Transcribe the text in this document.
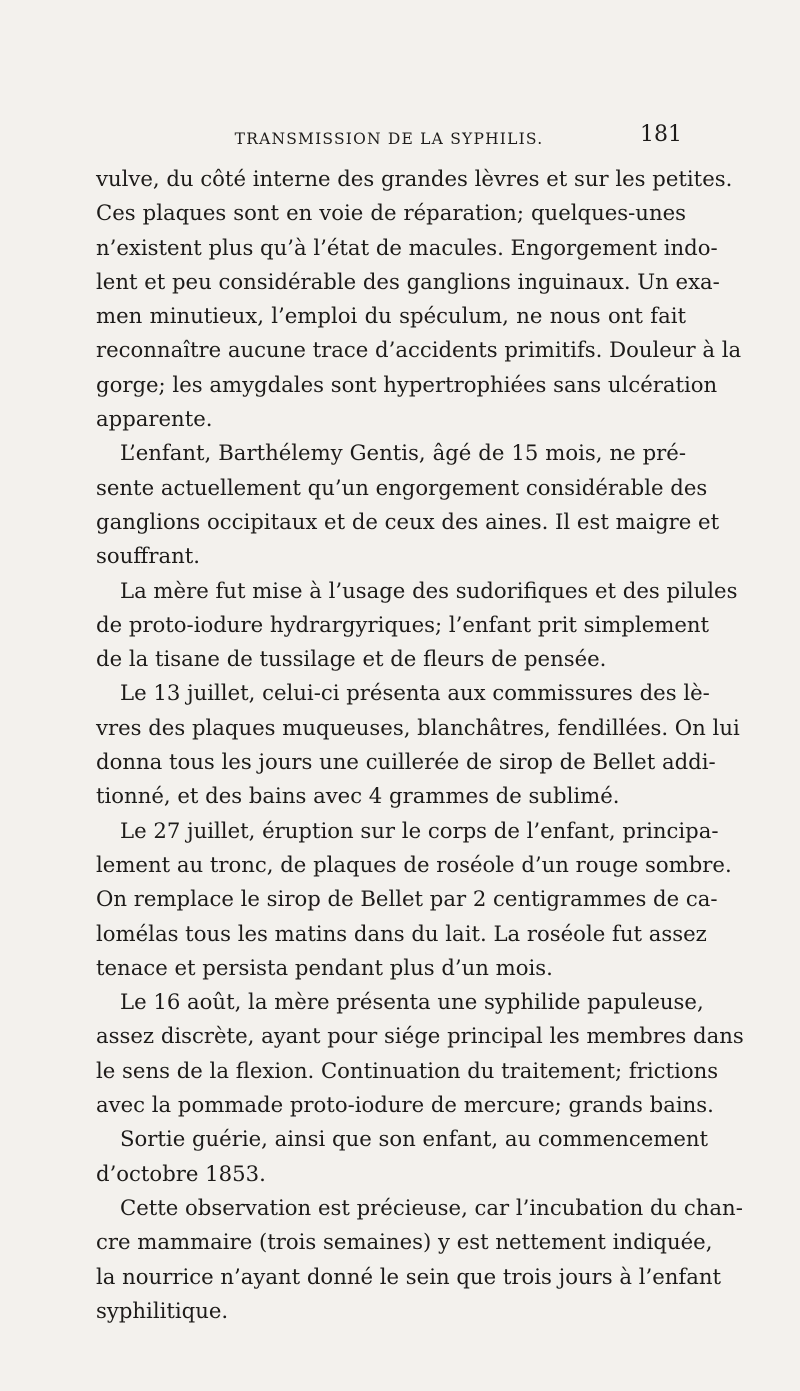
TRANSMISSION DE LA SYPHILIS.	181
vulve, du côté interne des grandes lèvres et sur les petites.
Ces plaques sont en voie de réparation; quelques-unes
n’existent plus qu’à l’état de macules. Engorgement indo-
lent et peu considérable des ganglions inguinaux. Un exa-
men minutieux, l’emploi du spéculum, ne nous ont fait
reconnaître aucune trace d’accidents primitifs. Douleur à la
gorge; les amygdales sont hypertrophiées sans ulcération
apparente.
L’enfant, Barthélemy Gentis, âgé de 15 mois, ne pré-
sente actuellement qu’un engorgement considérable des
ganglions occipitaux et de ceux des aines. Il est maigre et
souffrant.
La mère fut mise à l’usage des sudorifiques et des pilules
de proto-iodure hydrargyriques; l’enfant prit simplement
de la tisane de tussilage et de fleurs de pensée.
Le 13 juillet, celui-ci présenta aux commissures des lè-
vres des plaques muqueuses, blanchâtres, fendillées. On lui
donna tous les jours une cuillerée de sirop de Bellet addi-
tionné, et des bains avec 4 grammes de sublimé.
Le 27 juillet, éruption sur le corps de l’enfant, principa-
lement au tronc, de plaques de roséole d’un rouge sombre.
On remplace le sirop de Bellet par 2 centigrammes de ca-
lomélas tous les matins dans du lait. La roséole fut assez
tenace et persista pendant plus d’un mois.
Le 16 août, la mère présenta une syphilide papuleuse,
assez discrète, ayant pour siége principal les membres dans
le sens de la flexion. Continuation du traitement; frictions
avec la pommade proto-iodure de mercure; grands bains.
Sortie guérie, ainsi que son enfant, au commencement
d’octobre 1853.
Cette observation est précieuse, car l’incubation du chan-
cre mammaire (trois semaines) y est nettement indiquée,
la nourrice n’ayant donné le sein que trois jours à l’enfant
syphilitique.
